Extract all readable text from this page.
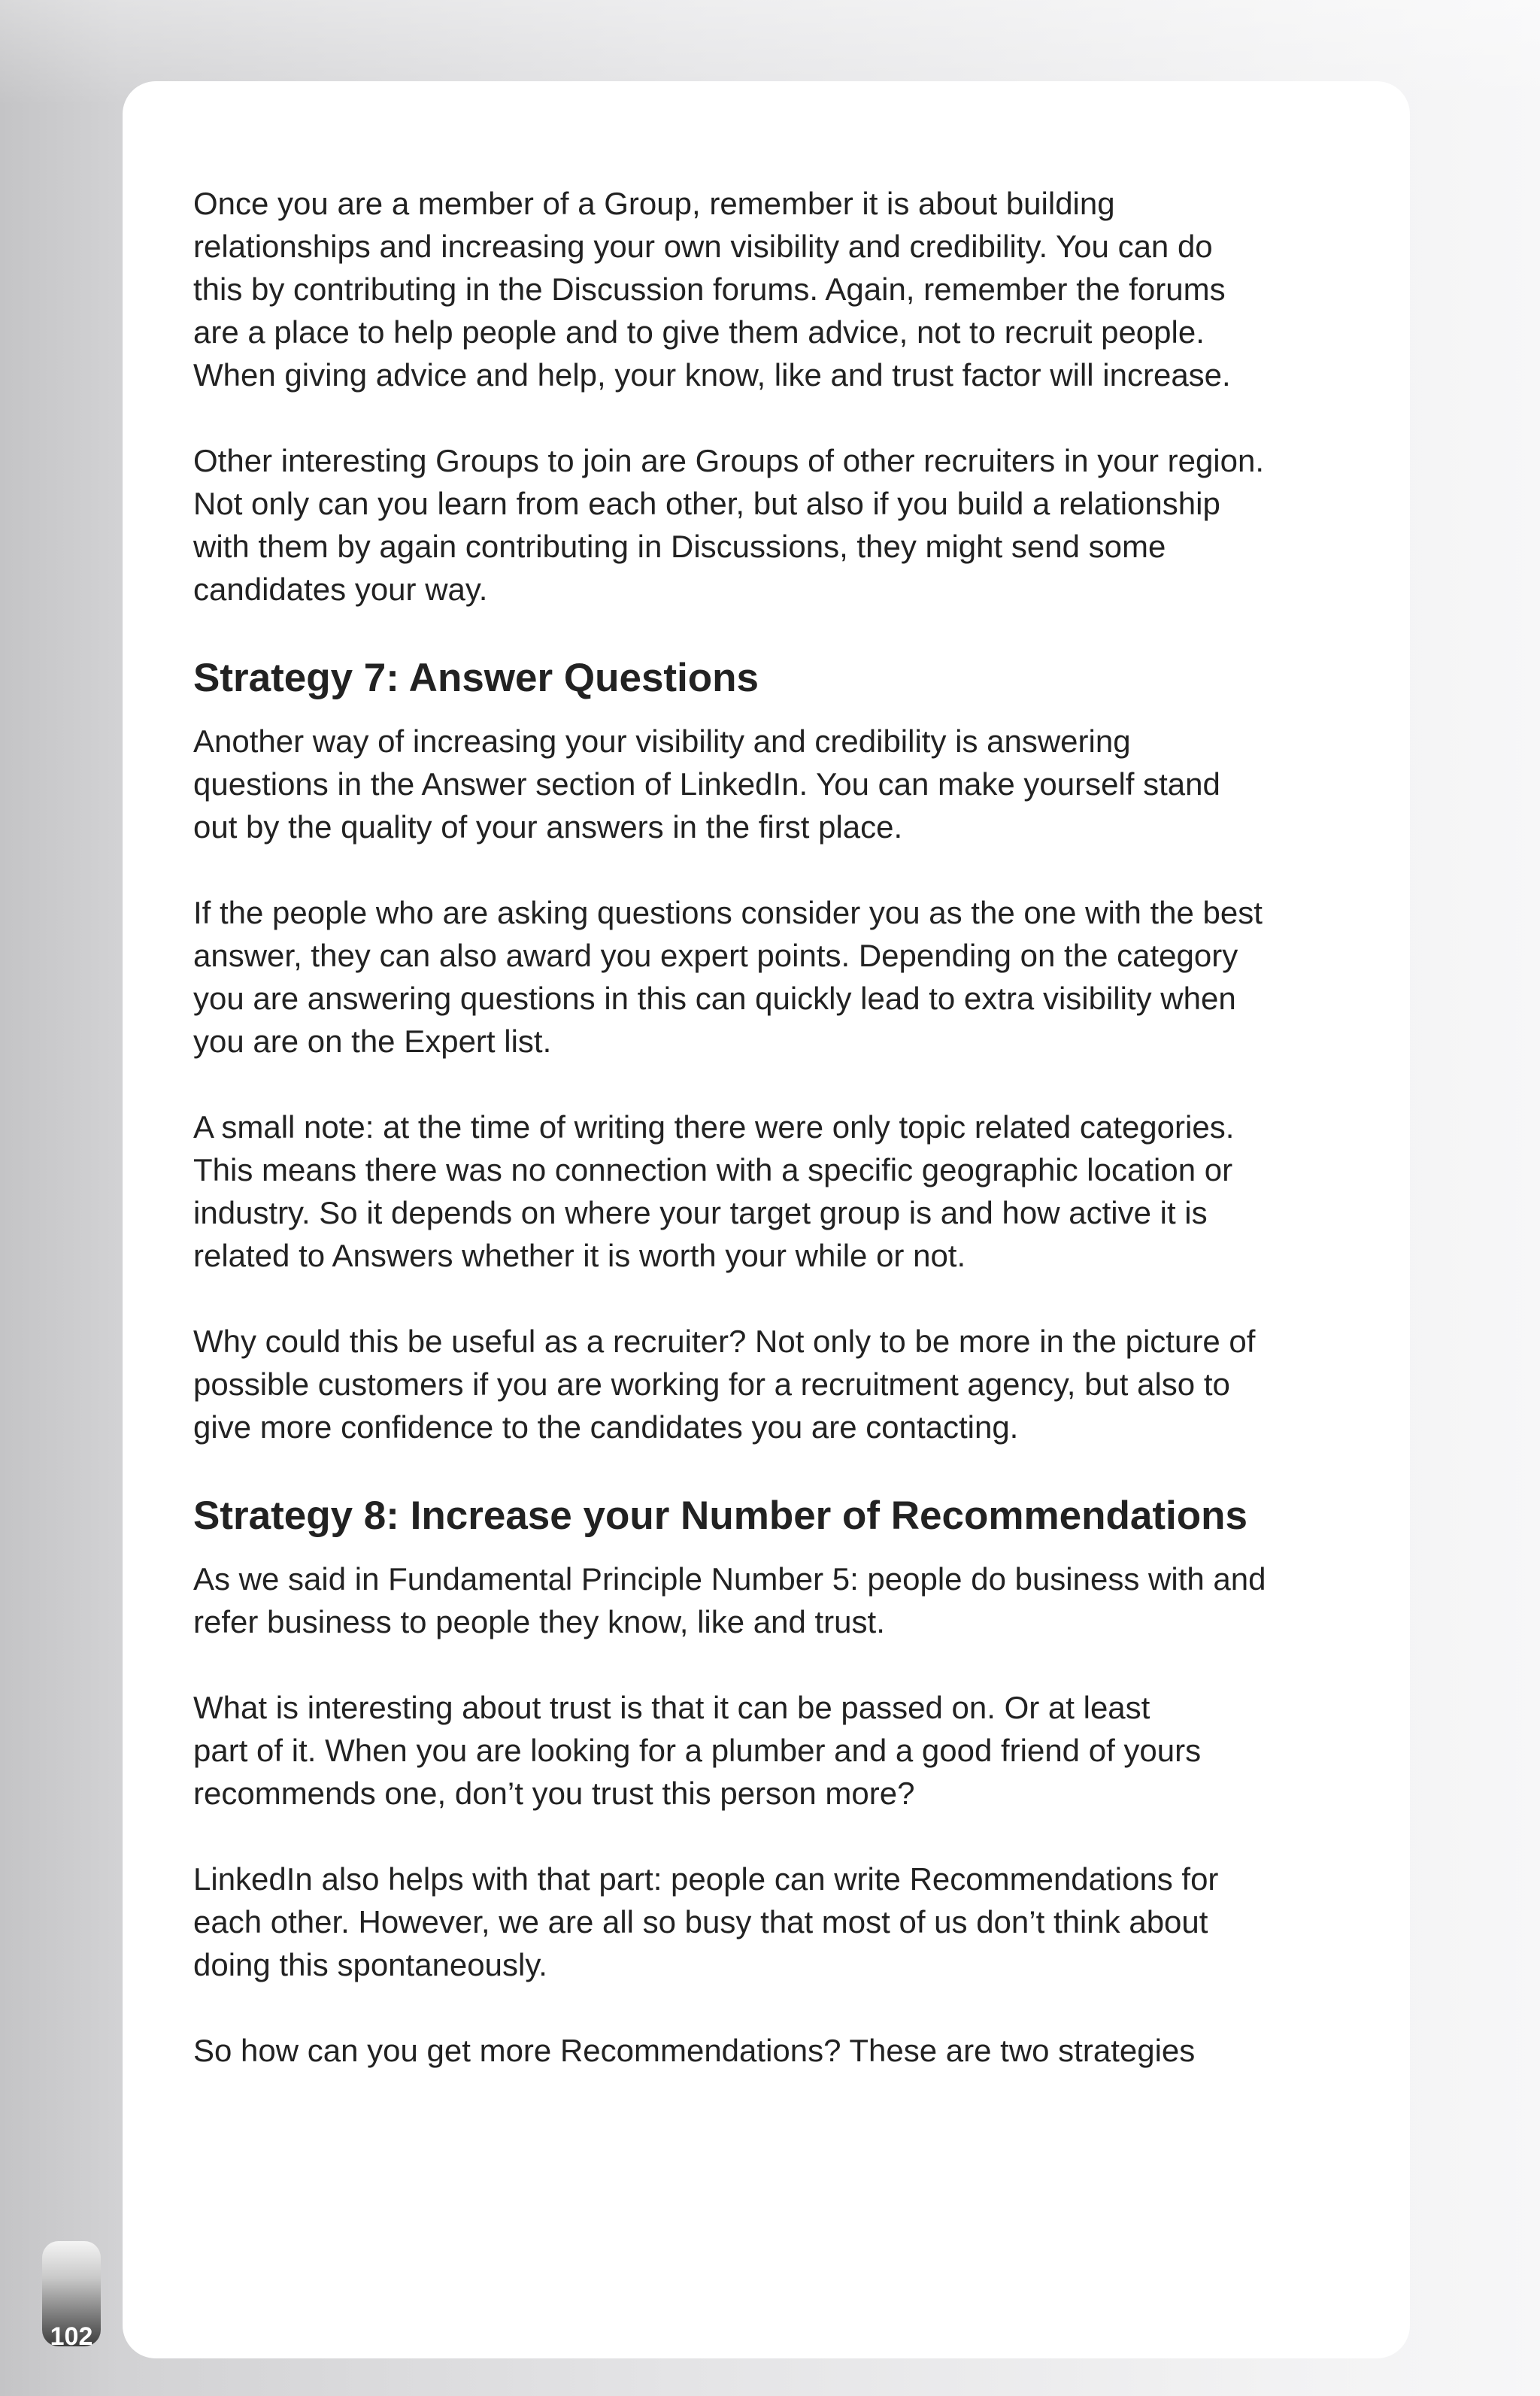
Once you are a member of a Group, remember it is about building
relationships and increasing your own visibility and credibility. You can do
this by contributing in the Discussion forums. Again, remember the forums
are a place to help people and to give them advice, not to recruit people.
When giving advice and help, your know, like and trust factor will increase.

Other interesting Groups to join are Groups of other recruiters in your region.
Not only can you learn from each other, but also if you build a relationship
with them by again contributing in Discussions, they might send some
candidates your way.

Strategy 7: Answer Questions

Another way of increasing your visibility and credibility is answering
questions in the Answer section of LinkedIn. You can make yourself stand
out by the quality of your answers in the first place.

If the people who are asking questions consider you as the one with the best
answer, they can also award you expert points. Depending on the category
you are answering questions in this can quickly lead to extra visibility when
you are on the Expert list.

A small note: at the time of writing there were only topic related categories.
This means there was no connection with a specific geographic location or
industry. So it depends on where your target group is and how active it is
related to Answers whether it is worth your while or not.

Why could this be useful as a recruiter? Not only to be more in the picture of
possible customers if you are working for a recruitment agency, but also to
give more confidence to the candidates you are contacting.

Strategy 8: Increase your Number of Recommendations

As we said in Fundamental Principle Number 5: people do business with and
refer business to people they know, like and trust.

What is interesting about trust is that it can be passed on. Or at least
part of it. When you are looking for a plumber and a good friend of yours
recommends one, don’t you trust this person more?

LinkedIn also helps with that part: people can write Recommendations for
each other. However, we are all so busy that most of us don’t think about
doing this spontaneously.

So how can you get more Recommendations? These are two strategies

102
